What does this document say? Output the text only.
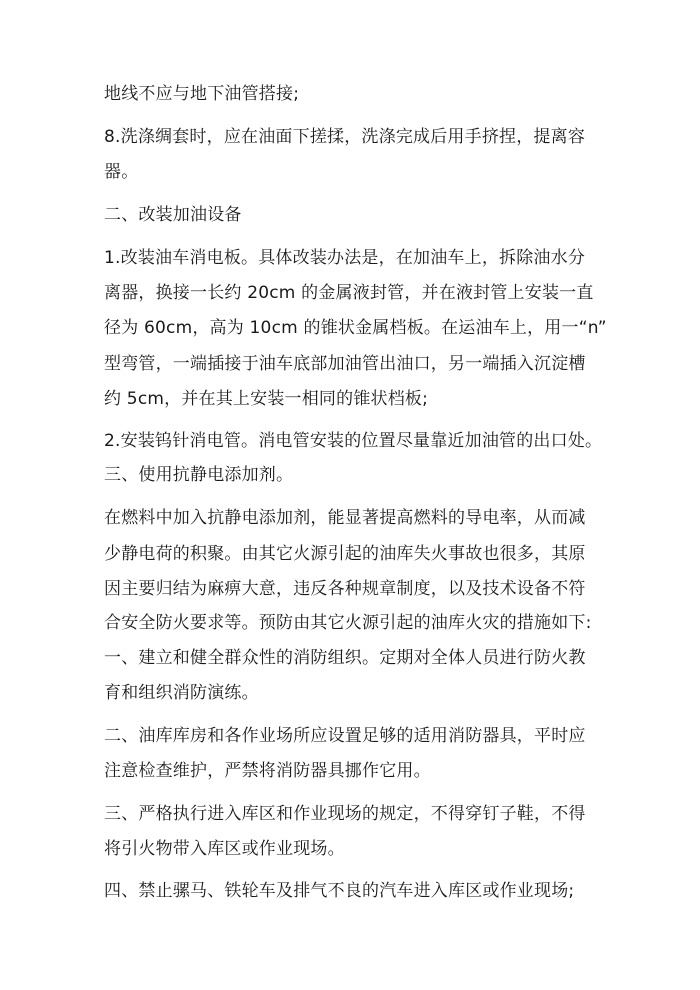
地线不应与地下油管搭接;
8.洗涤绸套时，应在油面下搓揉，洗涤完成后用手挤捏，提离容
器。
二、改装加油设备
1.改装油车消电板。具体改装办法是，在加油车上，拆除油水分
离器，换接一长约 20cm 的金属液封管，并在液封管上安装一直
径为 60cm，高为 10cm 的锥状金属档板。在运油车上，用一“n”
型弯管，一端插接于油车底部加油管出油口，另一端插入沉淀槽
约 5cm，并在其上安装一相同的锥状档板;
2.安装钨针消电管。消电管安装的位置尽量靠近加油管的出口处。
三、使用抗静电添加剂。
在燃料中加入抗静电添加剂，能显著提高燃料的导电率，从而减
少静电荷的积聚。由其它火源引起的油库失火事故也很多，其原
因主要归结为麻痹大意，违反各种规章制度，以及技术设备不符
合安全防火要求等。预防由其它火源引起的油库火灾的措施如下:
一、建立和健全群众性的消防组织。定期对全体人员进行防火教
育和组织消防演练。
二、油库库房和各作业场所应设置足够的适用消防器具，平时应
注意检查维护，严禁将消防器具挪作它用。
三、严格执行进入库区和作业现场的规定，不得穿钉子鞋，不得
将引火物带入库区或作业现场。
四、禁止骡马、铁轮车及排气不良的汽车进入库区或作业现场;
